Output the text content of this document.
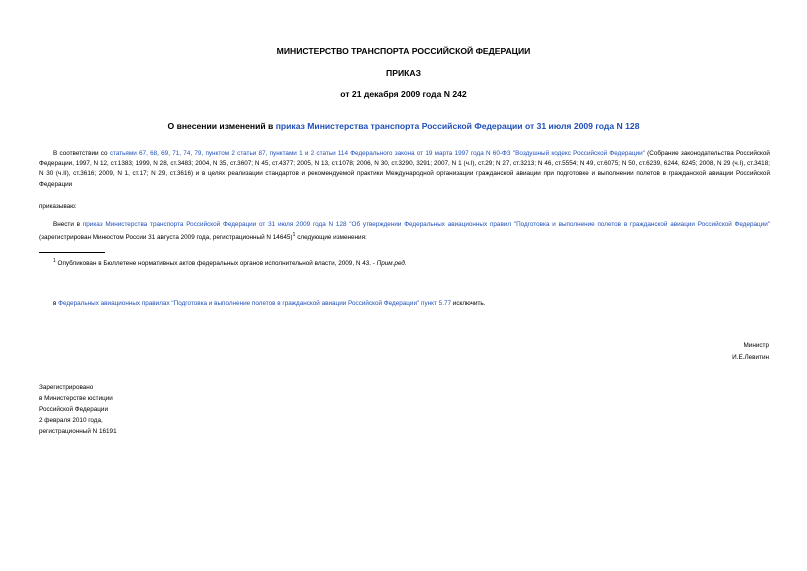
МИНИСТЕРСТВО ТРАНСПОРТА РОССИЙСКОЙ ФЕДЕРАЦИИ
ПРИКАЗ
от 21 декабря 2009 года N 242
О внесении изменений в приказ Министерства транспорта Российской Федерации от 31 июля 2009 года N 128
В соответствии со статьями 67, 68, 69, 71, 74, 79, пунктом 2 статьи 87, пунктами 1 и 2 статьи 114 Федерального закона от 19 марта 1997 года N 60-ФЗ "Воздушный кодекс Российской Федерации" (Собрание законодательства Российской Федерации, 1997, N 12, ст.1383; 1999, N 28, ст.3483; 2004, N 35, ст.3607; N 45, ст.4377; 2005, N 13, ст.1078; 2006, N 30, ст.3290, 3291; 2007, N 1 (ч.I), ст.29; N 27, ст.3213; N 46, ст.5554; N 49, ст.6075; N 50, ст.6239, 6244, 6245; 2008, N 29 (ч.I), ст.3418; N 30 (ч.II), ст.3616; 2009, N 1, ст.17; N 29, ст.3616) и в целях реализации стандартов и рекомендуемой практики Международной организации гражданской авиации при подготовке и выполнении полетов в гражданской авиации Российской Федерации
приказываю:
Внести в приказ Министерства транспорта Российской Федерации от 31 июля 2009 года N 128 "Об утверждении Федеральных авиационных правил "Подготовка и выполнение полетов в гражданской авиации Российской Федерации" (зарегистрирован Минюстом России 31 августа 2009 года, регистрационный N 14645)$^1$ следующие изменения:
$^1$ Опубликован в Бюллетене нормативных актов федеральных органов исполнительной власти, 2009, N 43. - Прим.ред.
в Федеральных авиационных правилах "Подготовка и выполнение полетов в гражданской авиации Российской Федерации" пункт 5.77 исключить.
Министр
И.Е.Левитин
Зарегистрировано
в Министерстве юстиции
Российской Федерации
2 февраля 2010 года,
регистрационный N 16191
